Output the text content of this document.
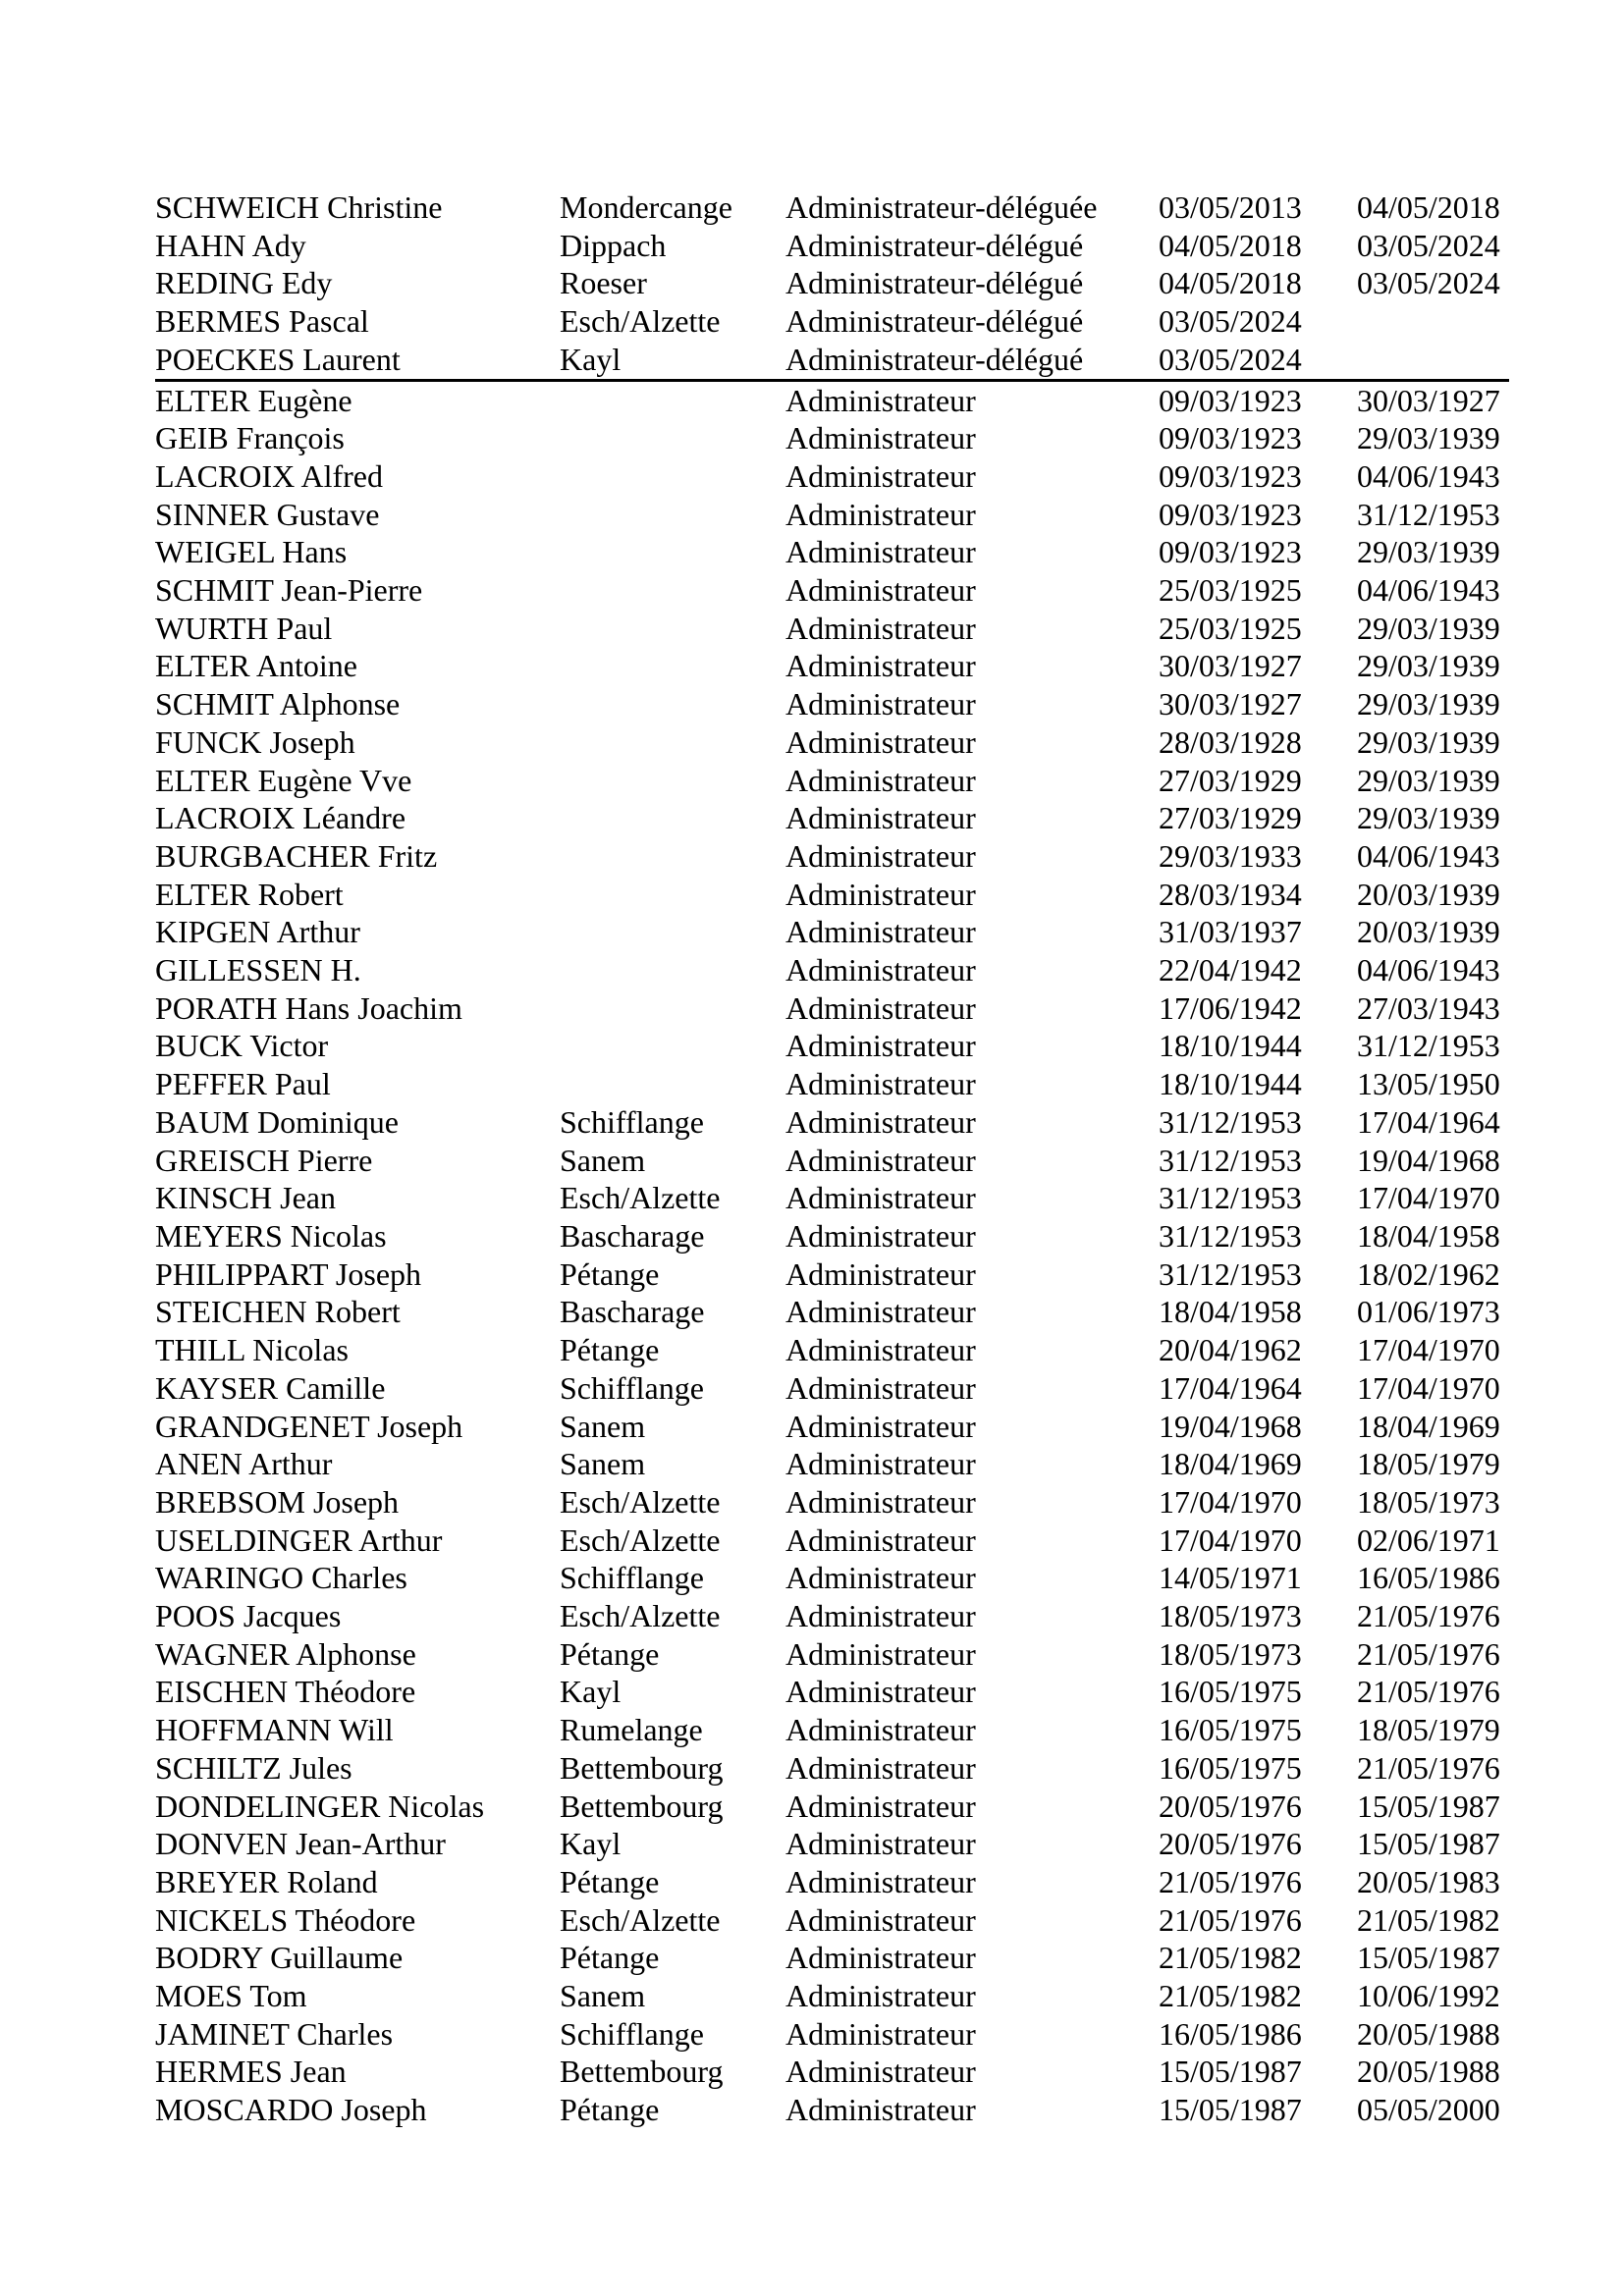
SCHWEICH Christine	Mondercange	Administrateur-déléguée	03/05/2013	04/05/2018
HAHN Ady	Dippach	Administrateur-délégué	04/05/2018	03/05/2024
REDING Edy	Roeser	Administrateur-délégué	04/05/2018	03/05/2024
BERMES Pascal	Esch/Alzette	Administrateur-délégué	03/05/2024	
POECKES Laurent	Kayl	Administrateur-délégué	03/05/2024	
ELTER Eugène		Administrateur	09/03/1923	30/03/1927
GEIB François		Administrateur	09/03/1923	29/03/1939
LACROIX Alfred		Administrateur	09/03/1923	04/06/1943
SINNER Gustave		Administrateur	09/03/1923	31/12/1953
WEIGEL Hans		Administrateur	09/03/1923	29/03/1939
SCHMIT Jean-Pierre		Administrateur	25/03/1925	04/06/1943
WURTH Paul		Administrateur	25/03/1925	29/03/1939
ELTER Antoine		Administrateur	30/03/1927	29/03/1939
SCHMIT Alphonse		Administrateur	30/03/1927	29/03/1939
FUNCK Joseph		Administrateur	28/03/1928	29/03/1939
ELTER Eugène Vve		Administrateur	27/03/1929	29/03/1939
LACROIX Léandre		Administrateur	27/03/1929	29/03/1939
BURGBACHER Fritz		Administrateur	29/03/1933	04/06/1943
ELTER Robert		Administrateur	28/03/1934	20/03/1939
KIPGEN Arthur		Administrateur	31/03/1937	20/03/1939
GILLESSEN H.		Administrateur	22/04/1942	04/06/1943
PORATH Hans Joachim		Administrateur	17/06/1942	27/03/1943
BUCK Victor		Administrateur	18/10/1944	31/12/1953
PEFFER Paul		Administrateur	18/10/1944	13/05/1950
BAUM Dominique	Schifflange	Administrateur	31/12/1953	17/04/1964
GREISCH Pierre	Sanem	Administrateur	31/12/1953	19/04/1968
KINSCH Jean	Esch/Alzette	Administrateur	31/12/1953	17/04/1970
MEYERS Nicolas	Bascharage	Administrateur	31/12/1953	18/04/1958
PHILIPPART Joseph	Pétange	Administrateur	31/12/1953	18/02/1962
STEICHEN Robert	Bascharage	Administrateur	18/04/1958	01/06/1973
THILL Nicolas	Pétange	Administrateur	20/04/1962	17/04/1970
KAYSER Camille	Schifflange	Administrateur	17/04/1964	17/04/1970
GRANDGENET Joseph	Sanem	Administrateur	19/04/1968	18/04/1969
ANEN Arthur	Sanem	Administrateur	18/04/1969	18/05/1979
BREBSOM Joseph	Esch/Alzette	Administrateur	17/04/1970	18/05/1973
USELDINGER Arthur	Esch/Alzette	Administrateur	17/04/1970	02/06/1971
WARINGO Charles	Schifflange	Administrateur	14/05/1971	16/05/1986
POOS Jacques	Esch/Alzette	Administrateur	18/05/1973	21/05/1976
WAGNER Alphonse	Pétange	Administrateur	18/05/1973	21/05/1976
EISCHEN Théodore	Kayl	Administrateur	16/05/1975	21/05/1976
HOFFMANN Will	Rumelange	Administrateur	16/05/1975	18/05/1979
SCHILTZ Jules	Bettembourg	Administrateur	16/05/1975	21/05/1976
DONDELINGER Nicolas	Bettembourg	Administrateur	20/05/1976	15/05/1987
DONVEN Jean-Arthur	Kayl	Administrateur	20/05/1976	15/05/1987
BREYER Roland	Pétange	Administrateur	21/05/1976	20/05/1983
NICKELS Théodore	Esch/Alzette	Administrateur	21/05/1976	21/05/1982
BODRY Guillaume	Pétange	Administrateur	21/05/1982	15/05/1987
MOES Tom	Sanem	Administrateur	21/05/1982	10/06/1992
JAMINET Charles	Schifflange	Administrateur	16/05/1986	20/05/1988
HERMES Jean	Bettembourg	Administrateur	15/05/1987	20/05/1988
MOSCARDO Joseph	Pétange	Administrateur	15/05/1987	05/05/2000
